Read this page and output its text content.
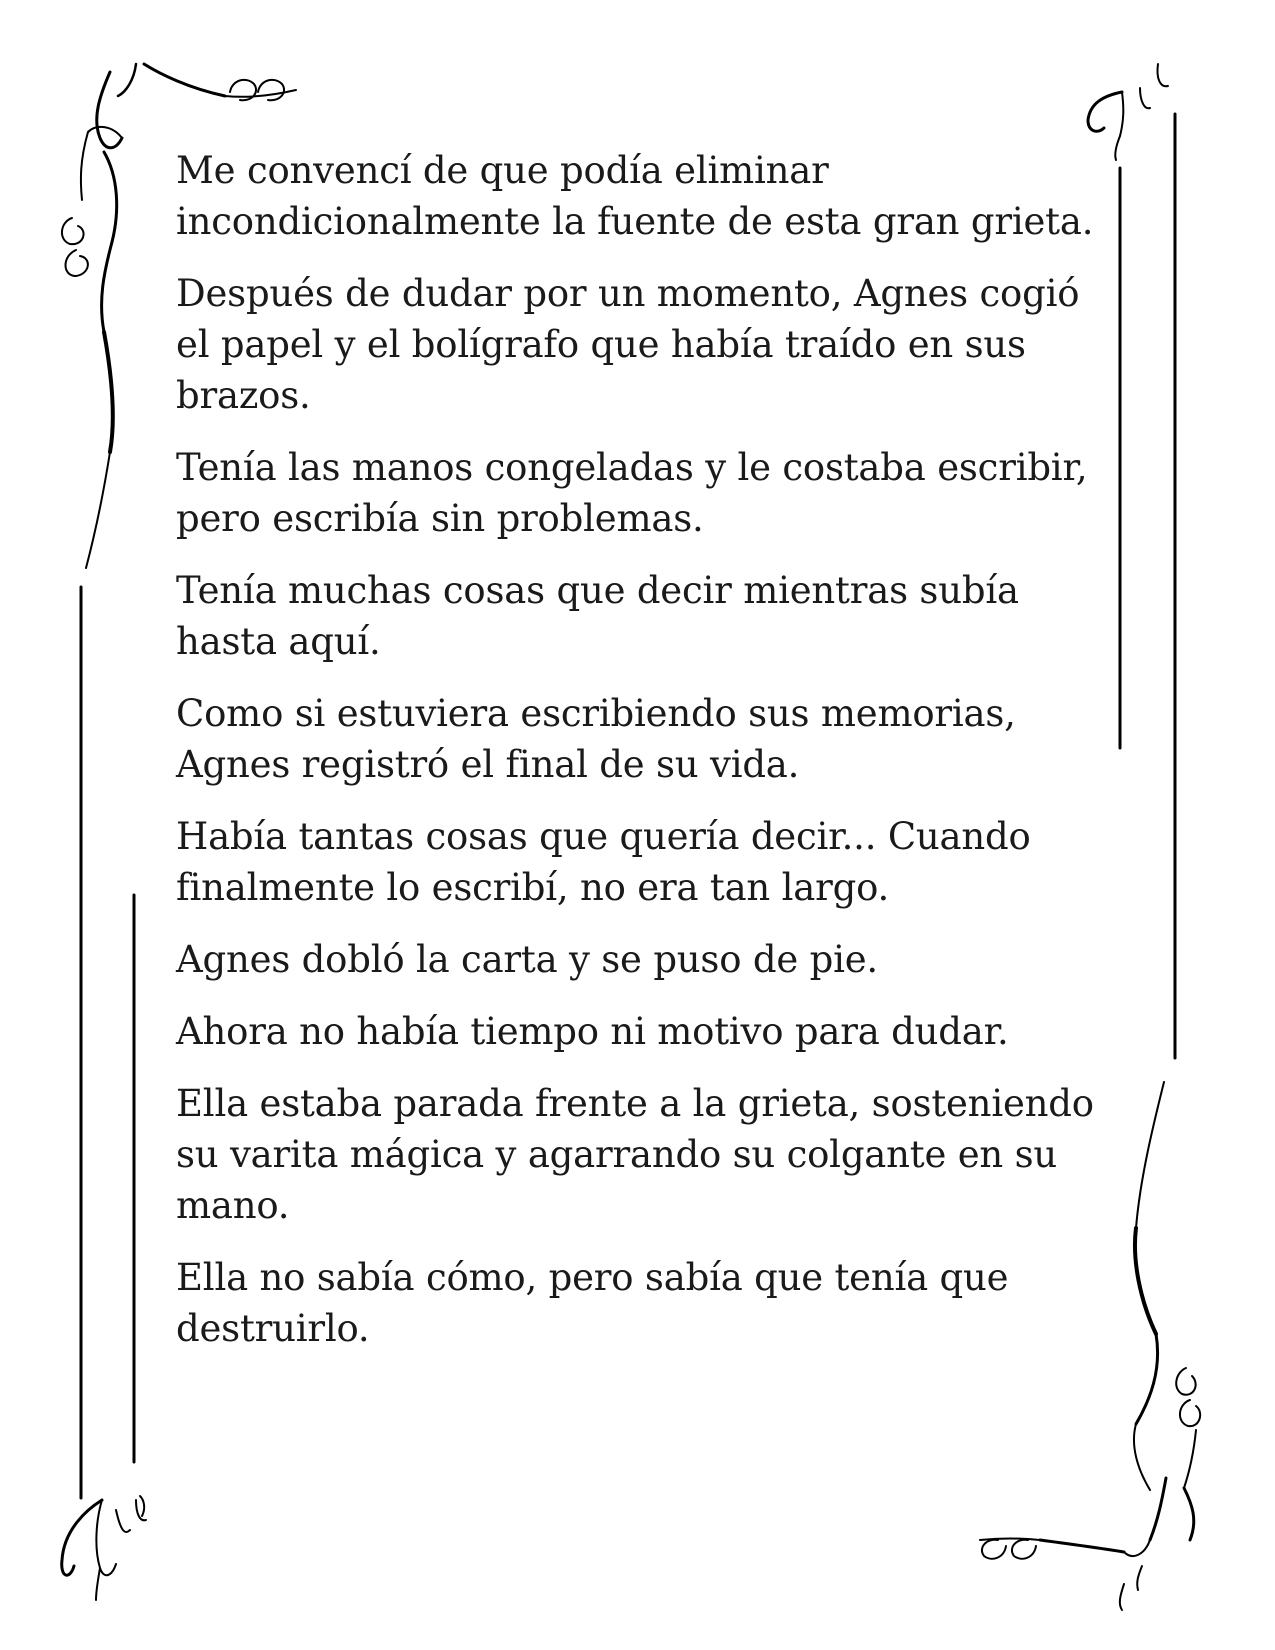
Me convencí de que podía eliminar incondicionalmente la fuente de esta gran grieta.

Después de dudar por un momento, Agnes cogió el papel y el bolígrafo que había traído en sus brazos.

Tenía las manos congeladas y le costaba escribir, pero escribía sin problemas.

Tenía muchas cosas que decir mientras subía hasta aquí.

Como si estuviera escribiendo sus memorias, Agnes registró el final de su vida.

Había tantas cosas que quería decir... Cuando finalmente lo escribí, no era tan largo.

Agnes dobló la carta y se puso de pie.

Ahora no había tiempo ni motivo para dudar.

Ella estaba parada frente a la grieta, sosteniendo su varita mágica y agarrando su colgante en su mano.

Ella no sabía cómo, pero sabía que tenía que destruirlo.
